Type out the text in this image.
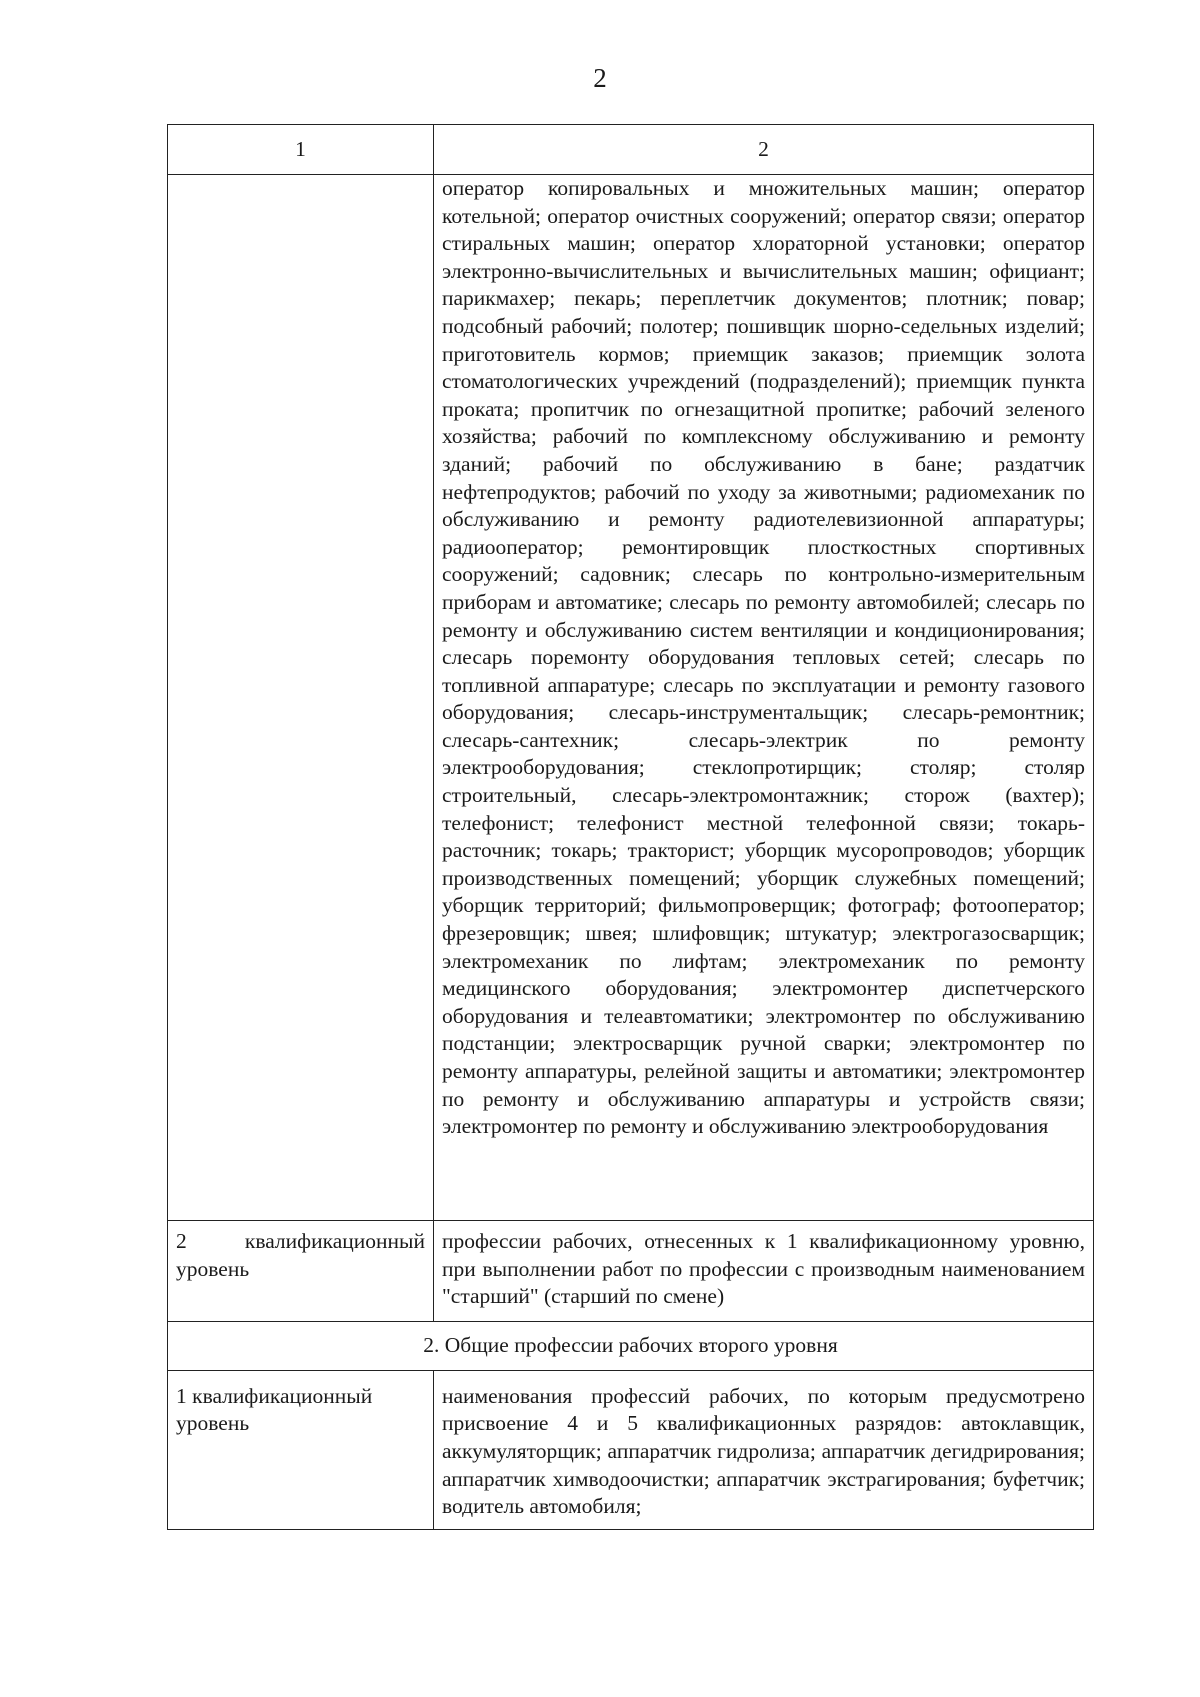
2
1	2
	оператор копировальных и множительных машин; оператор котельной; оператор очистных сооружений; оператор связи; оператор стиральных машин; оператор хлораторной установки; оператор электронно-вычислительных и вычислительных машин; официант; парикмахер; пекарь; переплетчик документов; плотник; повар; подсобный рабочий; полотер; пошивщик шорно-седельных изделий; приготовитель кормов; приемщик заказов; приемщик золота стоматологических учреждений (подразделений); приемщик пункта проката; пропитчик по огнезащитной пропитке; рабочий зеленого хозяйства; рабочий по комплексному обслуживанию и ремонту зданий; рабочий по обслуживанию в бане; раздатчик нефтепродуктов; рабочий по уходу за животными; радиомеханик по обслуживанию и ремонту радиотелевизионной аппаратуры; радиооператор; ремонтировщик плосткостных спортивных сооружений; садовник; слесарь по контрольно-измерительным приборам и автоматике; слесарь по ремонту автомобилей; слесарь по ремонту и обслуживанию систем вентиляции и кондиционирования; слесарь поремонту оборудования тепловых сетей; слесарь по топливной аппаратуре; слесарь по эксплуатации и ремонту газового оборудования; слесарь-инструментальщик; слесарь-ремонтник; слесарь-сантехник; слесарь-электрик по ремонту электрооборудования; стеклопротирщик; столяр; столяр строительный, слесарь-электромонтажник; сторож (вахтер); телефонист; телефонист местной телефонной связи; токарь-расточник; токарь; тракторист; уборщик мусоропроводов; уборщик производственных помещений; уборщик служебных помещений; уборщик территорий; фильмопроверщик; фотограф; фотооператор; фрезеровщик; швея; шлифовщик; штукатур; электрогазосварщик; электромеханик по лифтам; электромеханик по ремонту медицинского оборудования; электромонтер диспетчерского оборудования и телеавтоматики; электромонтер по обслуживанию подстанции; электросварщик ручной сварки; электромонтер по ремонту аппаратуры, релейной защиты и автоматики; электромонтер по ремонту и обслуживанию аппаратуры и устройств связи; электромонтер по ремонту и обслуживанию электрооборудования

2 квалификационный
уровень	профессии рабочих, отнесенных к 1 квалификационному уровню, при выполнении работ по профессии с производным наименованием "старший" (старший по смене)
2. Общие профессии рабочих второго уровня	

1 квалификационный
уровень	наименования профессий рабочих, по которым предусмотрено присвоение 4 и 5 квалификационных разрядов: автоклавщик, аккумуляторщик; аппаратчик гидролиза; аппаратчик дегидрирования; аппаратчик химводоочистки; аппаратчик экстрагирования; буфетчик; водитель автомобиля;
